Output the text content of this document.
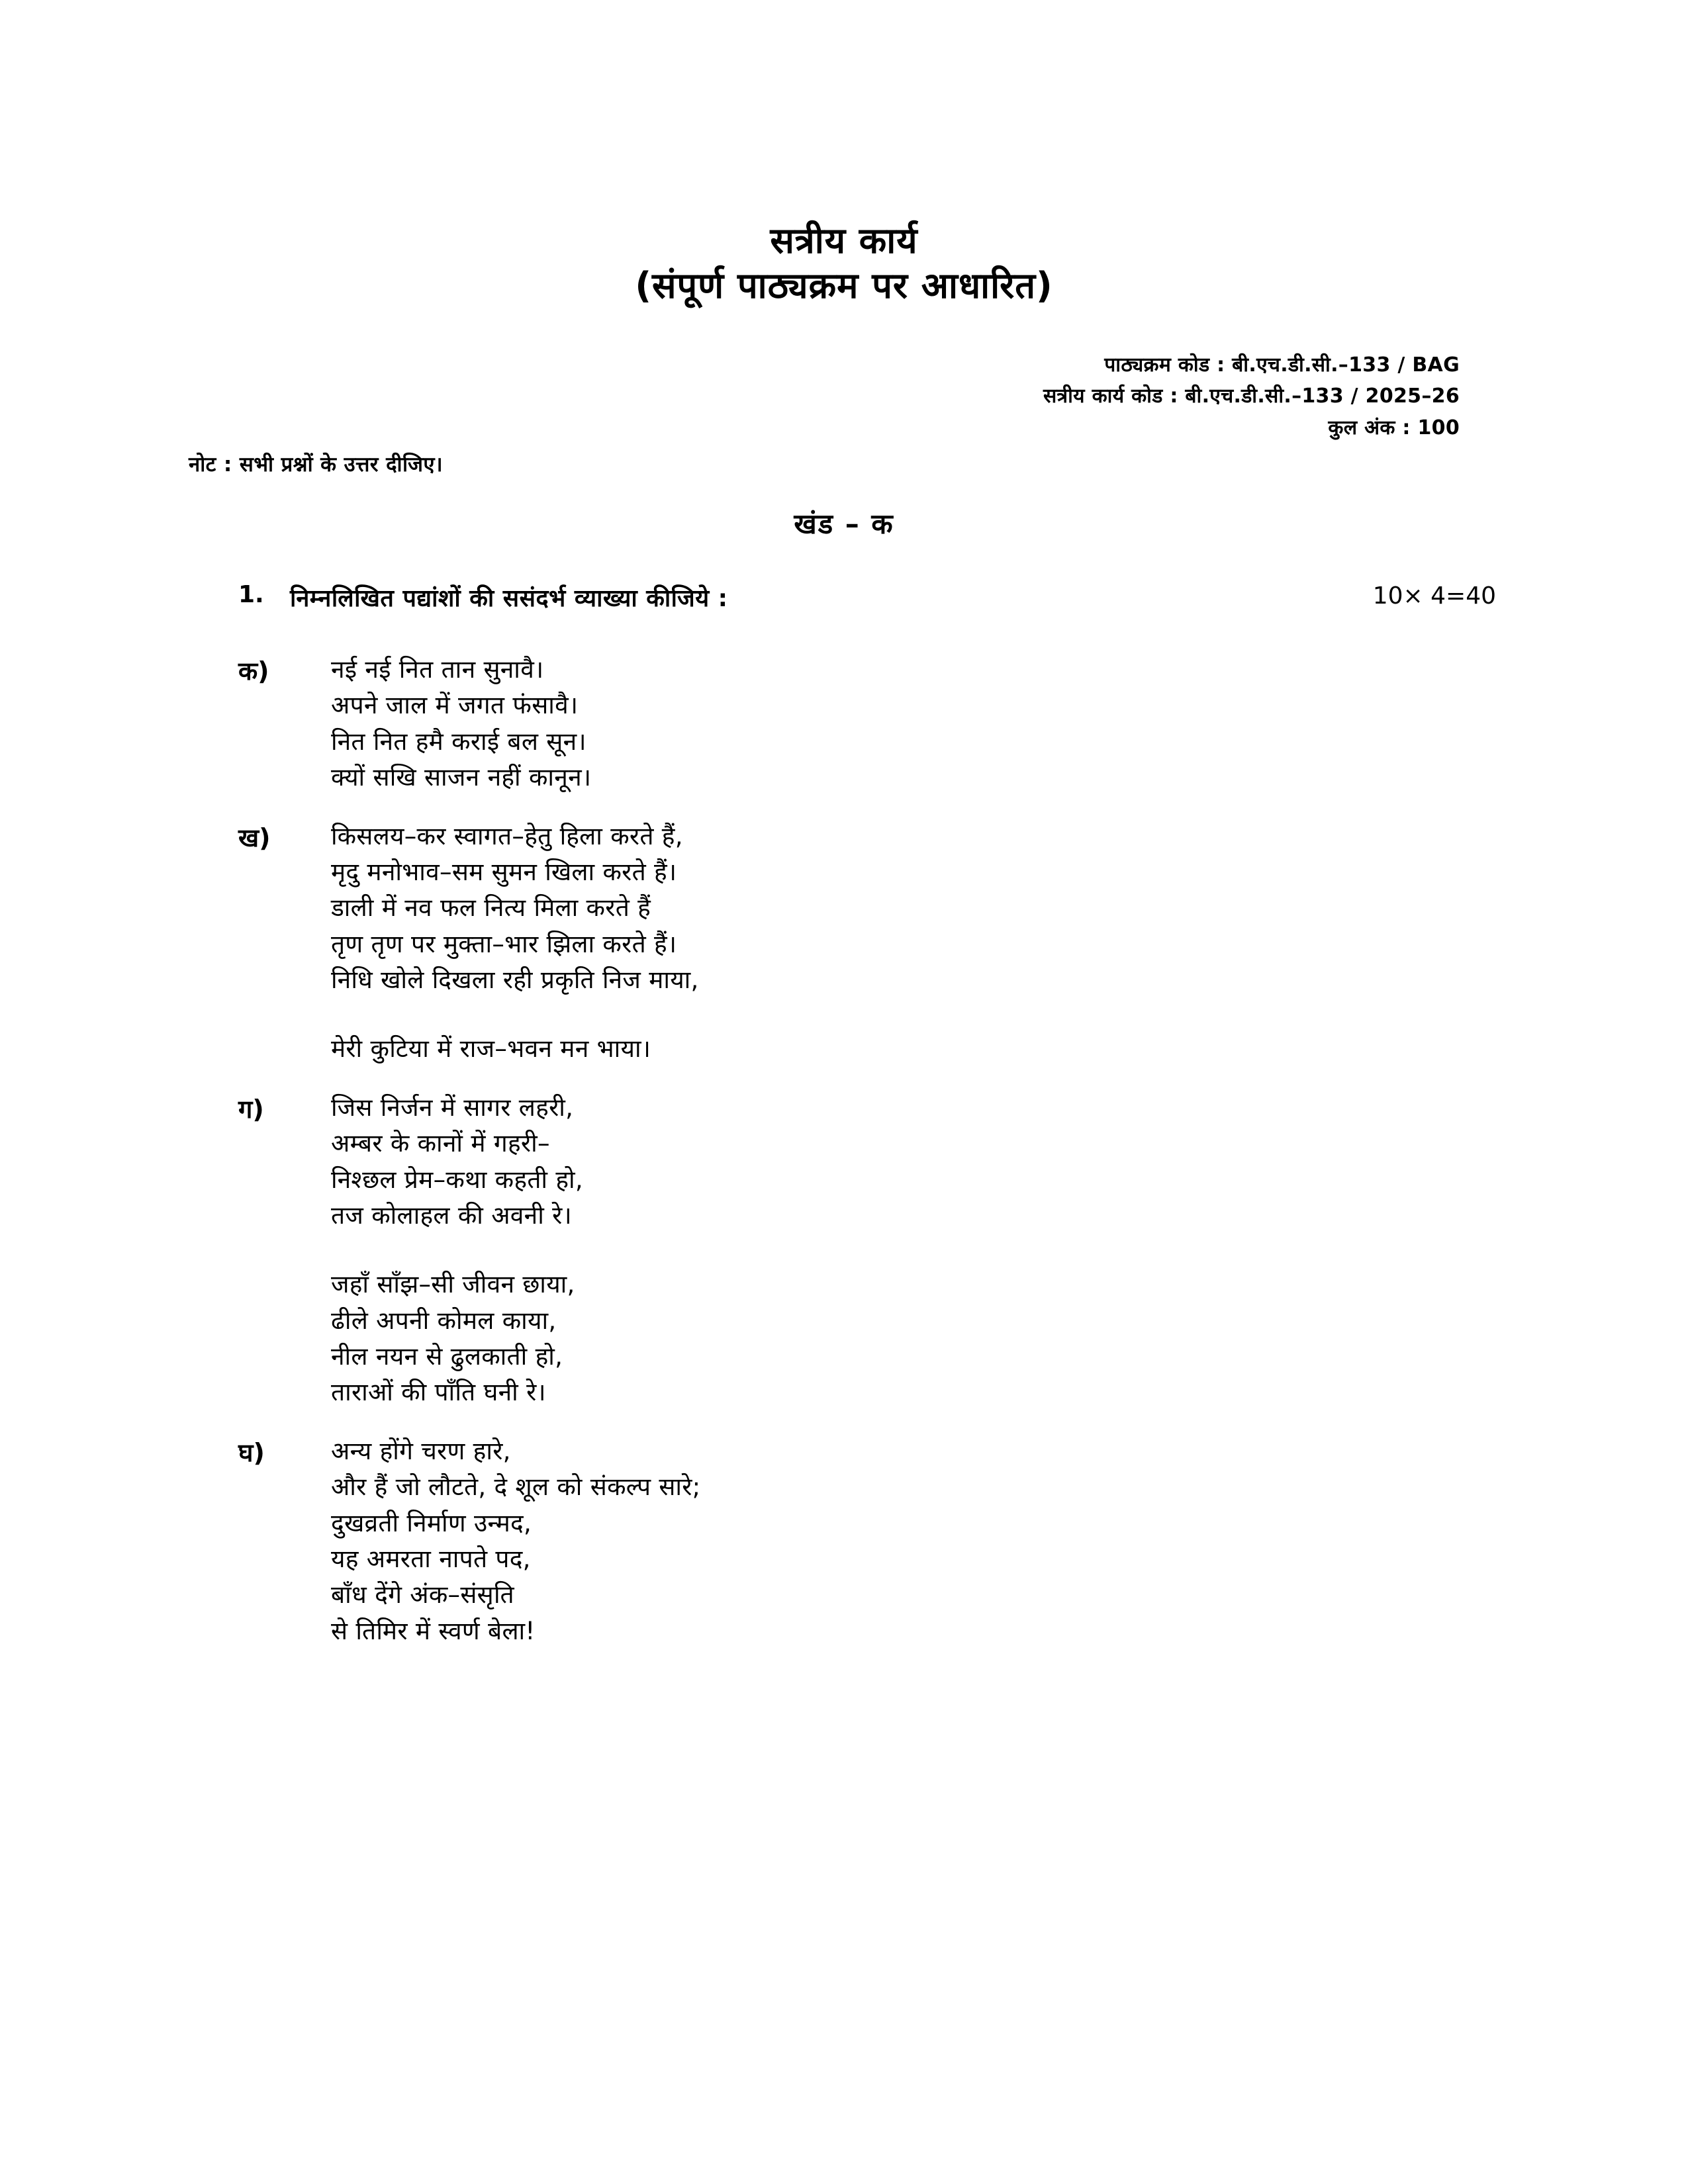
सत्रीय कार्य
(संपूर्ण पाठ्यक्रम पर आधारित)
पाठ्यक्रम कोड : बी.एच.डी.सी.–133 / BAG
सत्रीय कार्य कोड : बी.एच.डी.सी.–133 / 2025–26
कुल अंक : 100
नोट : सभी प्रश्नों के उत्तर दीजिए।
खंड – क
1.	निम्नलिखित पद्यांशों की ससंदर्भ व्याख्या कीजिये :	10× 4=40
क)	नई नई नित तान सुनावै।
अपने जाल में जगत फंसावै।
नित नित हमै कराई बल सून।
क्यों सखि साजन नहीं कानून।
ख)	किसलय–कर स्वागत–हेतु हिला करते हैं,
मृदु मनोभाव–सम सुमन खिला करते हैं।
डाली में नव फल नित्य मिला करते हैं
तृण तृण पर मुक्ता–भार झिला करते हैं।
निधि खोले दिखला रही प्रकृति निज माया,
मेरी कुटिया में राज–भवन मन भाया।
ग)	जिस निर्जन में सागर लहरी,
अम्बर के कानों में गहरी–
निश्छल प्रेम–कथा कहती हो,
तज कोलाहल की अवनी रे।
जहाँ साँझ–सी जीवन छाया,
ढीले अपनी कोमल काया,
नील नयन से ढुलकाती हो,
ताराओं की पाँति घनी रे।
घ)	अन्य होंगे चरण हारे,
और हैं जो लौटते, दे शूल को संकल्प सारे;
दुखव्रती निर्माण उन्मद,
यह अमरता नापते पद,
बाँध देंगे अंक–संसृति
से तिमिर में स्वर्ण बेला!
